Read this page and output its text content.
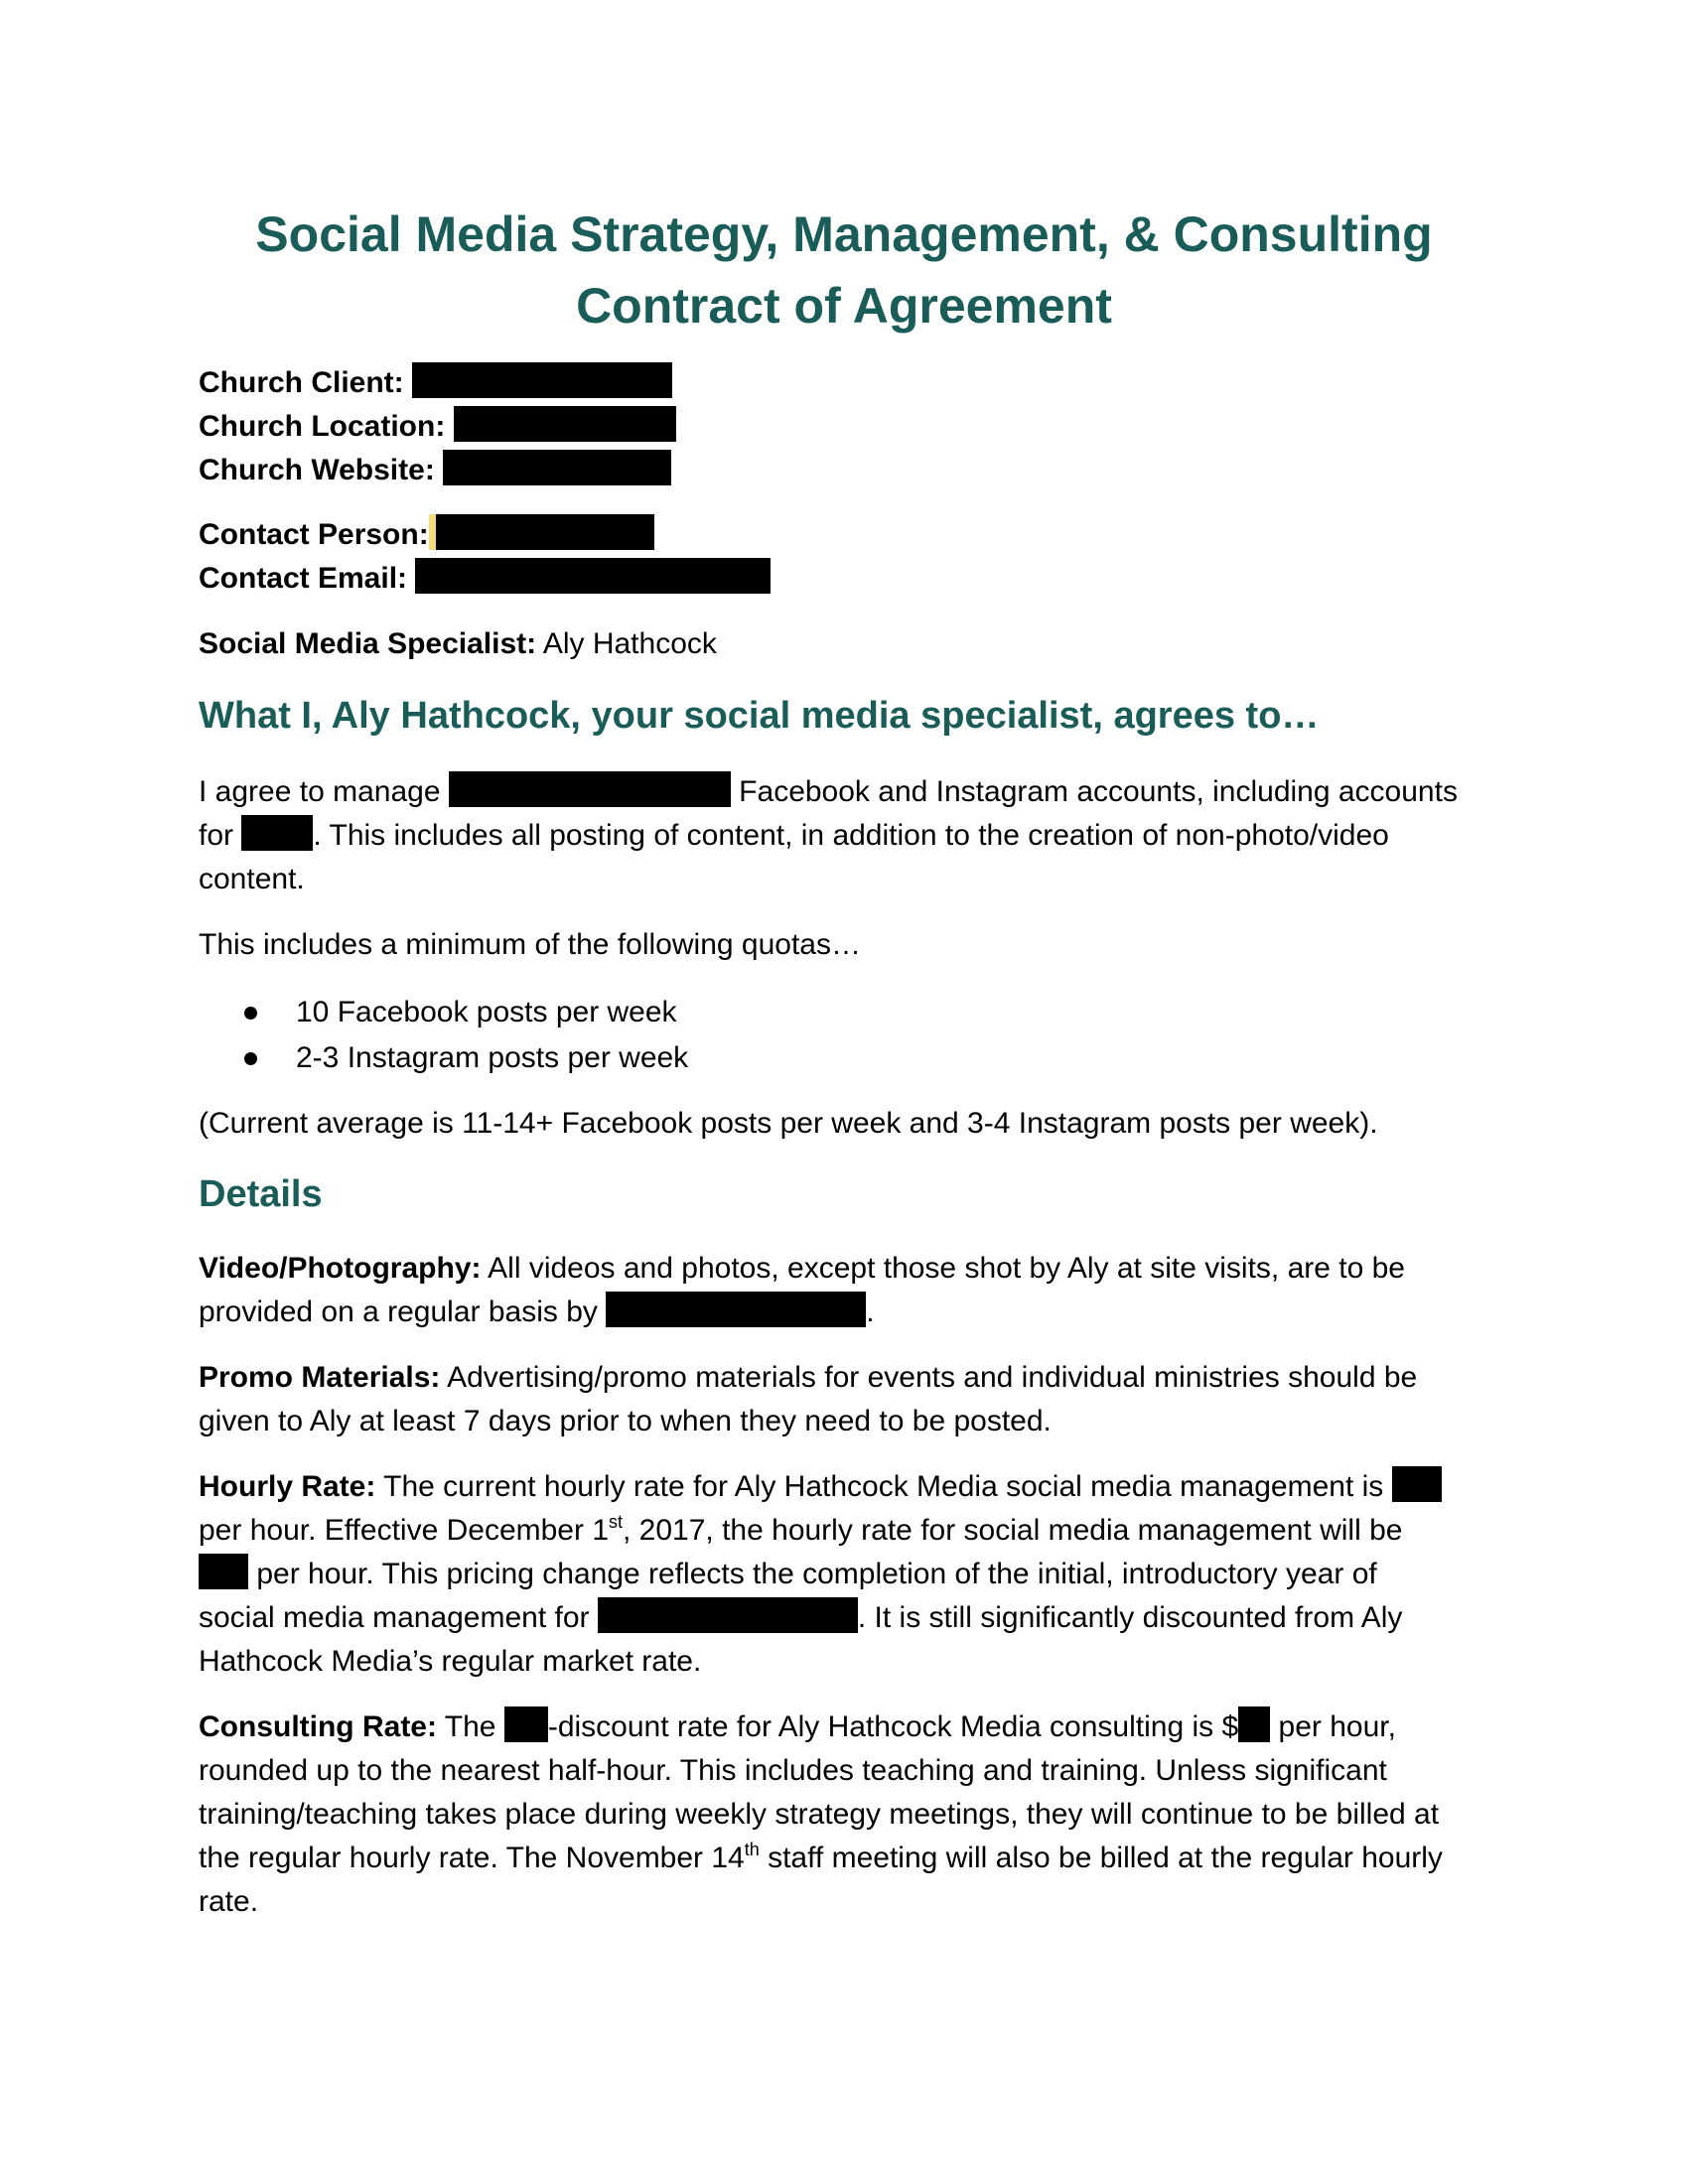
Social Media Strategy, Management, & Consulting
Contract of Agreement
Church Client:
Church Location:
Church Website:
Contact Person:
Contact Email:
Social Media Specialist: Aly Hathcock
What I, Aly Hathcock, your social media specialist, agrees to…
I agree to manage	Facebook and Instagram accounts, including accounts
for . This includes all posting of content, in addition to the creation of non-photo/video
content.
This includes a minimum of the following quotas…
10 Facebook posts per week
2-3 Instagram posts per week
(Current average is 11-14+ Facebook posts per week and 3-4 Instagram posts per week).
Details
Video/Photography: All videos and photos, except those shot by Aly at site visits, are to be
provided on a regular basis by	.
Promo Materials: Advertising/promo materials for events and individual ministries should be
given to Aly at least 7 days prior to when they need to be posted.
Hourly Rate: The current hourly rate for Aly Hathcock Media social media management is
per hour. Effective December 1st, 2017, the hourly rate for social media management will be
per hour. This pricing change reflects the completion of the initial, introductory year of
social media management for	. It is still significantly discounted from Aly
Hathcock Media’s regular market rate.
Consulting Rate: The -discount rate for Aly Hathcock Media consulting is $ per hour,
rounded up to the nearest half-hour. This includes teaching and training. Unless significant
training/teaching takes place during weekly strategy meetings, they will continue to be billed at
the regular hourly rate. The November 14th staff meeting will also be billed at the regular hourly
rate.
